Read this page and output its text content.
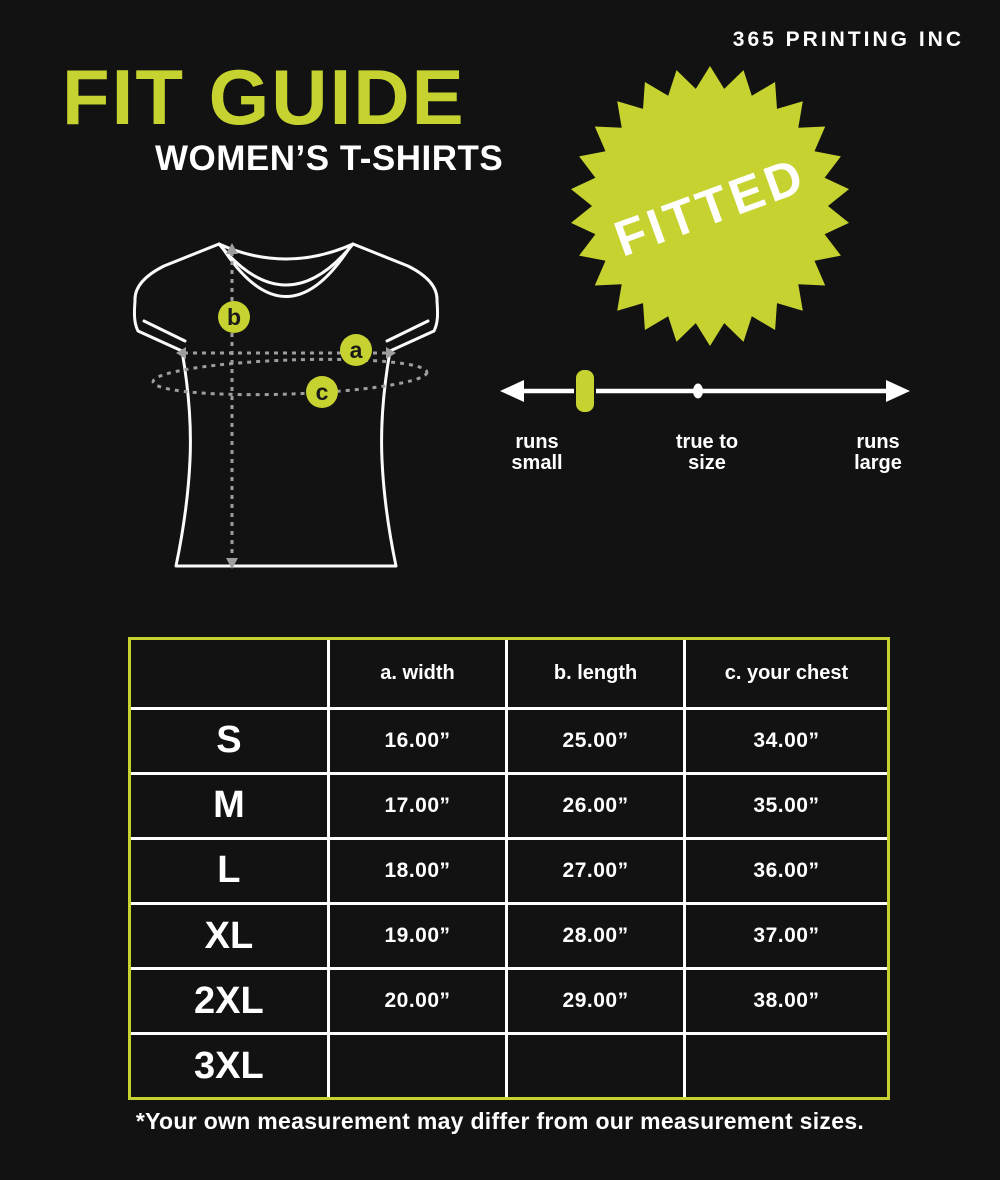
365 PRINTING INC
FIT GUIDE
WOMEN’S T-SHIRTS
b
a
c
FITTED
runs
small
true to
size
runs
large
	a. width	b. length	c. your chest
S	16.00”	25.00”	34.00”
M	17.00”	26.00”	35.00”
L	18.00”	27.00”	36.00”
XL	19.00”	28.00”	37.00”
2XL	20.00”	29.00”	38.00”
3XL			
*Your own measurement may differ from our measurement sizes.
